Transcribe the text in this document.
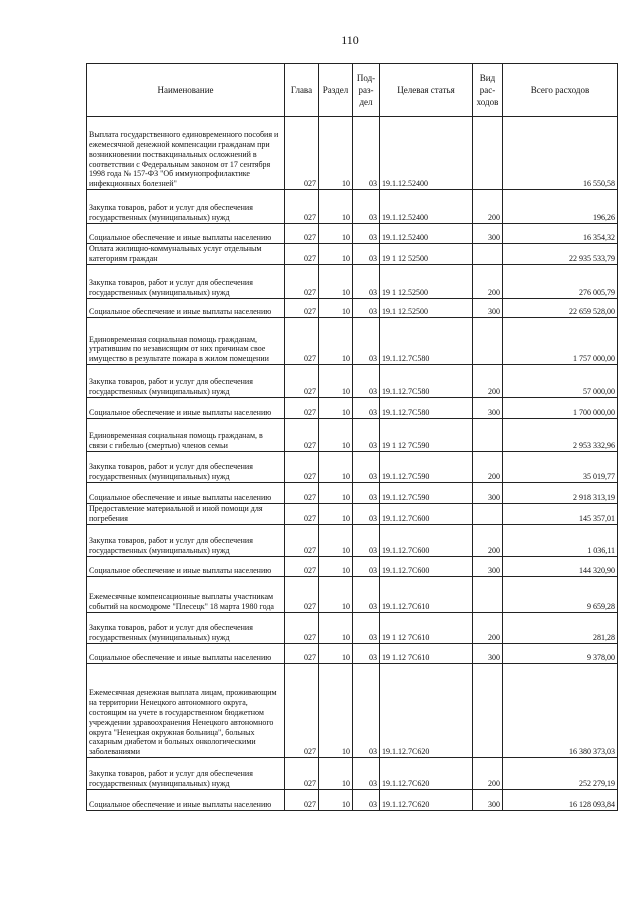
110
Наименование	Глава	Раздел	Под-раз-дел	Целевая статья	Вид рас-ходов	Всего расходов
Выплата государственного единовременного пособия и ежемесячной денежной компенсации гражданам при возникновении поствакцинальных осложнений в соответствии с Федеральным законом от 17 сентября 1998 года № 157-ФЗ "Об иммунопрофилактике инфекционных болезней"	027	10	03	19.1.12.52400		16 550,58
Закупка товаров, работ и услуг для обеспечения государственных (муниципальных) нужд	027	10	03	19.1.12.52400	200	196,26
Социальное обеспечение и иные выплаты населению	027	10	03	19.1.12.52400	300	16 354,32
Оплата жилищно-коммунальных услуг отдельным категориям граждан	027	10	03	19 1 12 52500		22 935 533,79
Закупка товаров, работ и услуг для обеспечения государственных (муниципальных) нужд	027	10	03	19 1 12.52500	200	276 005,79
Социальное обеспечение и иные выплаты населению	027	10	03	19.1 12.52500	300	22 659 528,00
Единовременная социальная помощь гражданам, утратившим по независящим от них причинам свое имущество в результате пожара в жилом помещении	027	10	03	19.1.12.7C580		1 757 000,00
Закупка товаров, работ и услуг для обеспечения государственных (муниципальных) нужд	027	10	03	19.1.12.7C580	200	57 000,00
Социальное обеспечение и иные выплаты населению	027	10	03	19.1.12.7C580	300	1 700 000,00
Единовременная социальная помощь гражданам, в связи с гибелью (смертью) членов семьи	027	10	03	19 1 12 7C590		2 953 332,96
Закупка товаров, работ и услуг для обеспечения государственных (муниципальных) нужд	027	10	03	19.1.12.7C590	200	35 019,77
Социальное обеспечение и иные выплаты населению	027	10	03	19.1.12.7C590	300	2 918 313,19
Предоставление материальной и иной помощи для погребения	027	10	03	19.1.12.7C600		145 357,01
Закупка товаров, работ и услуг для обеспечения государственных (муниципальных) нужд	027	10	03	19.1.12.7C600	200	1 036,11
Социальное обеспечение и иные выплаты населению	027	10	03	19.1.12.7C600	300	144 320,90
Ежемесячные компенсационные выплаты участникам событий на космодроме "Плесецк" 18 марта 1980 года	027	10	03	19.1.12.7C610		9 659,28
Закупка товаров, работ и услуг для обеспечения государственных (муниципальных) нужд	027	10	03	19 1 12 7C610	200	281,28
Социальное обеспечение и иные выплаты населению	027	10	03	19 1.12 7C610	300	9 378,00
Ежемесячная денежная выплата лицам, проживающим на территории Ненецкого автономного округа, состоящим на учете в государственном бюджетном учреждении здравоохранения Ненецкого автономного округа "Ненецкая окружная больница", больных сахарным диабетом и больных онкологическими заболеваниями	027	10	03	19.1.12.7C620		16 380 373,03
Закупка товаров, работ и услуг для обеспечения государственных (муниципальных) нужд	027	10	03	19.1.12.7C620	200	252 279,19
Социальное обеспечение и иные выплаты населению	027	10	03	19.1.12.7C620	300	16 128 093,84
